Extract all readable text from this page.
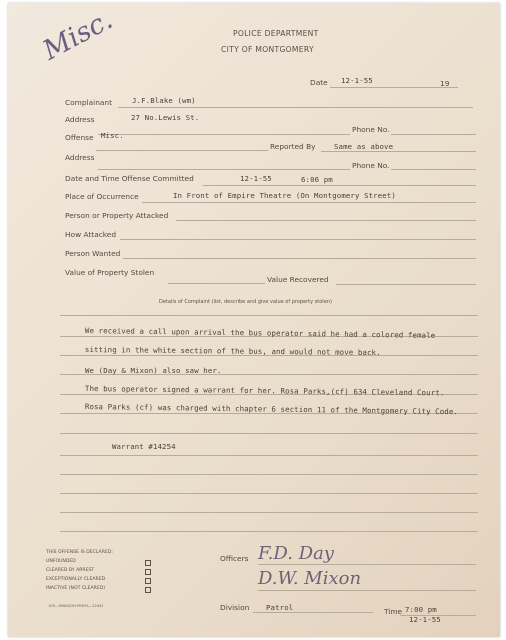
POLICE DEPARTMENT
CITY OF MONTGOMERY
Misc.
Date 12-1-55	19
Complainant	J.F.Blake (wm)
Address	27 No.Lewis St.
Phone No.
Offense Misc.
Reported By Same as above
Address
Phone No.
Date and Time Offense Committed	12-1-55	6:06 pm
Place of Occurrence	In Front of Empire Theatre (On Montgomery Street)
Person or Property Attacked
How Attacked
Person Wanted
Value of Property Stolen
Value Recovered
Details of Complaint (list, describe and give value of property stolen)
We received a call upon arrival the bus operator said he had a colored female
sitting in the white section of the bus, and would not move back.
We (Day & Mixon) also saw her.
The bus operator signed a warrant for her. Rosa Parks,(cf) 634 Cleveland Court.
Rosa Parks (cf) was charged with chapter 6 section 11 of the Montgomery City Code.
Warrant #14254
THIS OFFENSE IS DECLARED:
UNFOUNDED
CLEARED BY ARREST
EXCEPTIONALLY CLEARED
INACTIVE (NOT CLEARED)
109—PARAGON PRESS—22441
Officers F.D. Day
D.W. Mixon
Division Patrol	Time 7:00 pm
12-1-55
